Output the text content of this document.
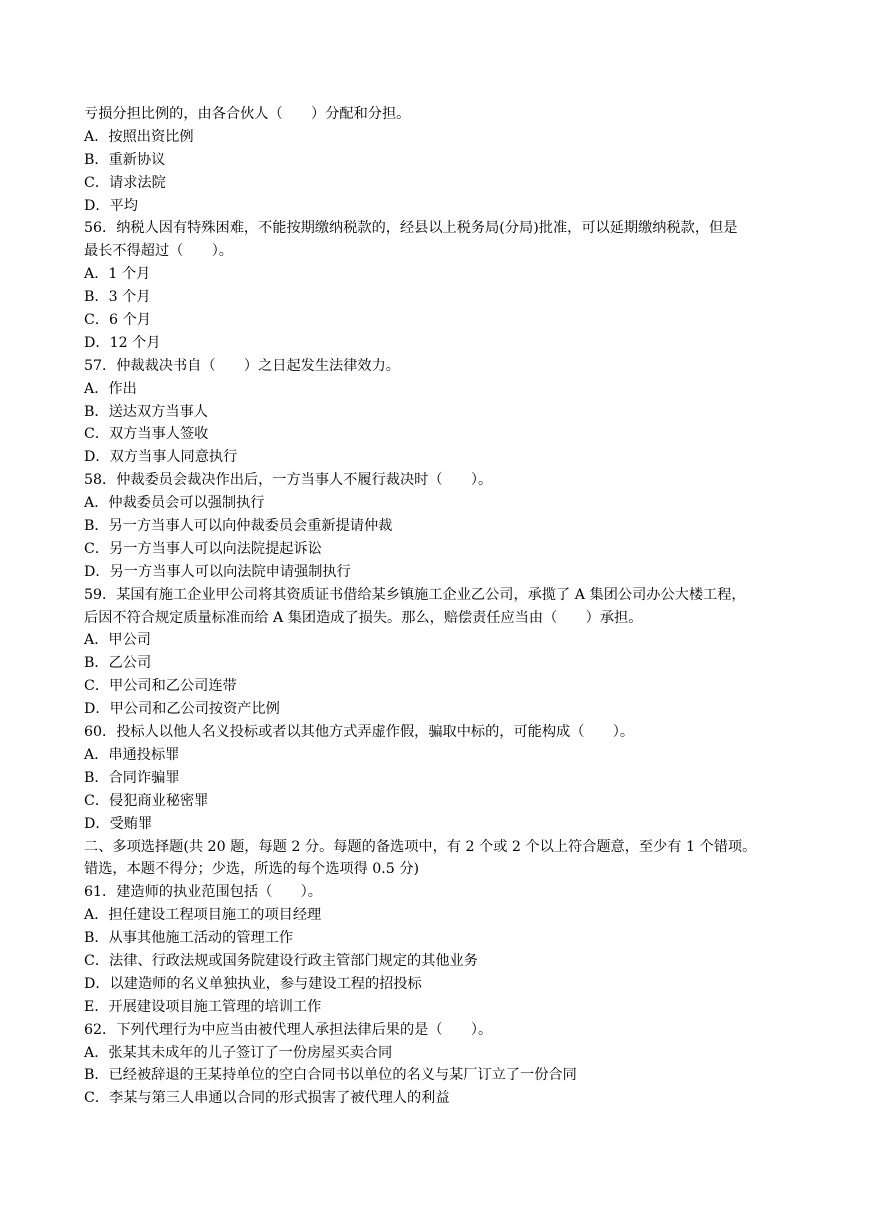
亏损分担比例的，由各合伙人（　　）分配和分担。
A．按照出资比例
B．重新协议
C．请求法院
D．平均
56．纳税人因有特殊困难，不能按期缴纳税款的，经县以上税务局(分局)批准，可以延期缴纳税款，但是
最长不得超过（　　）。
A．1 个月
B．3 个月
C．6 个月
D．12 个月
57．仲裁裁决书自（　　）之日起发生法律效力。
A．作出
B．送达双方当事人
C．双方当事人签收
D．双方当事人同意执行
58．仲裁委员会裁决作出后，一方当事人不履行裁决时（　　）。
A．仲裁委员会可以强制执行
B．另一方当事人可以向仲裁委员会重新提请仲裁
C．另一方当事人可以向法院提起诉讼
D．另一方当事人可以向法院申请强制执行
59．某国有施工企业甲公司将其资质证书借给某乡镇施工企业乙公司，承揽了 A 集团公司办公大楼工程，
后因不符合规定质量标准而给 A 集团造成了损失。那么，赔偿责任应当由（　　）承担。
A．甲公司
B．乙公司
C．甲公司和乙公司连带
D．甲公司和乙公司按资产比例
60．投标人以他人名义投标或者以其他方式弄虚作假，骗取中标的，可能构成（　　）。
A．串通投标罪
B．合同诈骗罪
C．侵犯商业秘密罪
D．受贿罪
二、多项选择题(共 20 题，每题 2 分。每题的备选项中，有 2 个或 2 个以上符合题意，至少有 1 个错项。
错选，本题不得分；少选，所选的每个选项得 0.5 分)
61．建造师的执业范围包括（　　）。
A．担任建设工程项目施工的项目经理
B．从事其他施工活动的管理工作
C．法律、行政法规或国务院建设行政主管部门规定的其他业务
D．以建造师的名义单独执业，参与建设工程的招投标
E．开展建设项目施工管理的培训工作
62．下列代理行为中应当由被代理人承担法律后果的是（　　）。
A．张某其未成年的儿子签订了一份房屋买卖合同
B．已经被辞退的王某持单位的空白合同书以单位的名义与某厂订立了一份合同
C．李某与第三人串通以合同的形式损害了被代理人的利益
